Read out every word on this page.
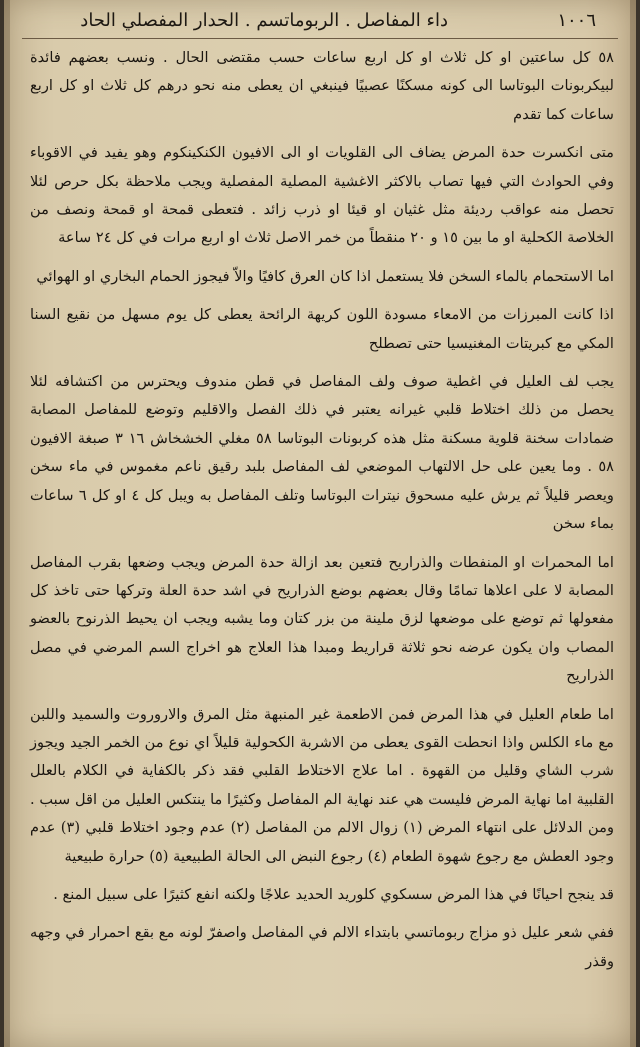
١٠٠٦
داء المفاصل . الربوماتسم . الحدار المفصلي الحاد

٥٨ كل ساعتين او كل ثلاث او كل اربع ساعات حسب مقتضى الحال . ونسب بعضهم فائدة لبيكربونات البوتاسا الى كونه مسكنًا عصبيًا فينبغي ان يعطى منه نحو درهم كل ثلاث او كل اربع ساعات كما تقدم

متى انكسرت حدة المرض يضاف الى القلويات او الى الافيون الكنكينكوم وهو يفيد في الاقوباء وفي الحوادث التي فيها تصاب بالاكثر الاغشية المصلية المفصلية ويجب ملاحظة بكل حرص لئلا تحصل منه عواقب رديئة مثل غثيان او قيئا او ذرب زائد . فتعطى قمحة او قمحة ونصف من الخلاصة الكحلية او ما بين ١٥ و ٢٠ منقطاً من خمر الاصل ثلاث او اربع مرات في كل ٢٤ ساعة

اما الاستحمام بالماء السخن فلا يستعمل اذا كان العرق كافيًا والاّ فيجوز الحمام البخاري او الهوائي

اذا كانت المبرزات من الامعاء مسودة اللون كريهة الرائحة يعطى كل يوم مسهل من نقيع السنا المكي مع كبريتات المغنيسيا حتى تصطلح

يجب لف العليل في اغطية صوف ولف المفاصل في قطن مندوف ويحترس من اكتشافه لئلا يحصل من ذلك اختلاط قلبي غيرانه يعتبر في ذلك الفصل والاقليم وتوضع للمفاصل المصابة ضمادات سخنة قلوية مسكنة مثل هذه كربونات البوتاسا ٥٨ مغلي الخشخاش ١٦ ٣ صبغة الافيون ٥٨ . وما يعين على حل الالتهاب الموضعي لف المفاصل بلبد رقيق ناعم مغموس في ماء سخن ويعصر قليلاً ثم يرش عليه مسحوق نيترات البوتاسا وتلف المفاصل به ويبل كل ٤ او كل ٦ ساعات بماء سخن

اما المحمرات او المنفطات والذراريح فتعين بعد ازالة حدة المرض ويجب وضعها بقرب المفاصل المصابة لا على اعلاها تمامًا وقال بعضهم بوضع الذراريح في اشد حدة العلة وتركها حتى تاخذ كل مفعولها ثم توضع على موضعها لزق ملينة من بزر كتان وما يشبه ويجب ان يحيط الذرنوح بالعضو المصاب وان يكون عرضه نحو ثلاثة قراريط ومبدا هذا العلاج هو اخراج السم المرضي في مصل الذراريح

اما طعام العليل في هذا المرض فمن الاطعمة غير المنبهة مثل المرق والاروروت والسميد واللبن مع ماء الكلس واذا انحطت القوى يعطى من الاشربة الكحولية قليلاً اي نوع من الخمر الجيد ويجوز شرب الشاي وقليل من القهوة . اما علاج الاختلاط القلبي فقد ذكر بالكفاية في الكلام بالعلل القلبية اما نهاية المرض فليست هي عند نهاية الم المفاصل وكثيرًا ما ينتكس العليل من اقل سبب . ومن الدلائل على انتهاء المرض (١) زوال الالم من المفاصل (٢) عدم وجود اختلاط قلبي (٣) عدم وجود العطش مع رجوع شهوة الطعام (٤) رجوع النبض الى الحالة الطبيعية (٥) حرارة طبيعية

قد ينجح احيانًا في هذا المرض سسكوي كلوريد الحديد علاجًا ولكنه انفع كثيرًا على سبيل المنع .

ففي شعر عليل ذو مزاج ربوماتسي بابتداء الالم في المفاصل واصفرّ لونه مع بقع احمرار في وجهه وقذر
